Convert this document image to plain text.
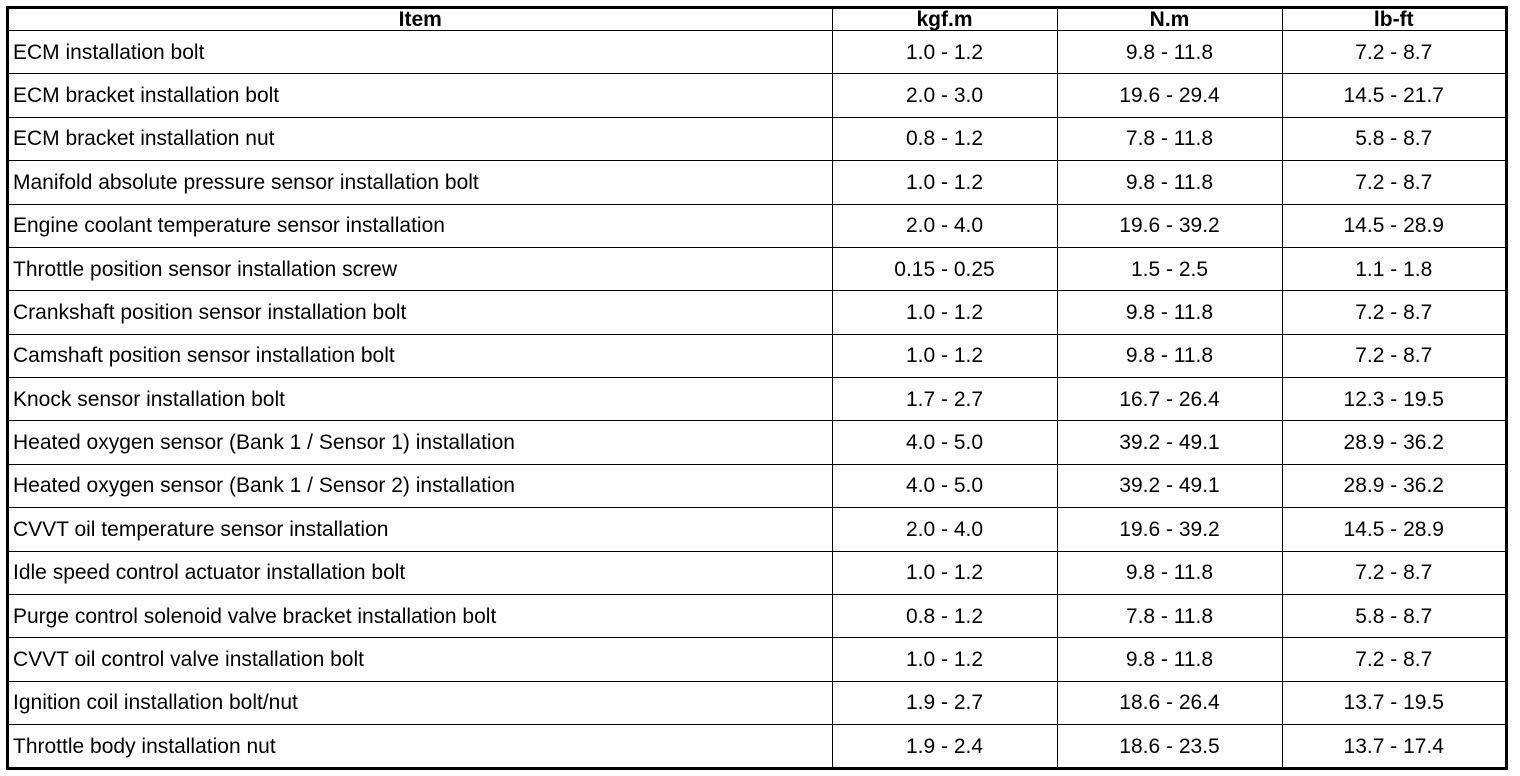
Item	kgf.m	N.m	lb-ft
ECM installation bolt	1.0 - 1.2	9.8 - 11.8	7.2 - 8.7
ECM bracket installation bolt	2.0 - 3.0	19.6 - 29.4	14.5 - 21.7
ECM bracket installation nut	0.8 - 1.2	7.8 - 11.8	5.8 - 8.7
Manifold absolute pressure sensor installation bolt	1.0 - 1.2	9.8 - 11.8	7.2 - 8.7
Engine coolant temperature sensor installation	2.0 - 4.0	19.6 - 39.2	14.5 - 28.9
Throttle position sensor installation screw	0.15 - 0.25	1.5 - 2.5	1.1 - 1.8
Crankshaft position sensor installation bolt	1.0 - 1.2	9.8 - 11.8	7.2 - 8.7
Camshaft position sensor installation bolt	1.0 - 1.2	9.8 - 11.8	7.2 - 8.7
Knock sensor installation bolt	1.7 - 2.7	16.7 - 26.4	12.3 - 19.5
Heated oxygen sensor (Bank 1 / Sensor 1) installation	4.0 - 5.0	39.2 - 49.1	28.9 - 36.2
Heated oxygen sensor (Bank 1 / Sensor 2) installation	4.0 - 5.0	39.2 - 49.1	28.9 - 36.2
CVVT oil temperature sensor installation	2.0 - 4.0	19.6 - 39.2	14.5 - 28.9
Idle speed control actuator installation bolt	1.0 - 1.2	9.8 - 11.8	7.2 - 8.7
Purge control solenoid valve bracket installation bolt	0.8 - 1.2	7.8 - 11.8	5.8 - 8.7
CVVT oil control valve installation bolt	1.0 - 1.2	9.8 - 11.8	7.2 - 8.7
Ignition coil installation bolt/nut	1.9 - 2.7	18.6 - 26.4	13.7 - 19.5
Throttle body installation nut	1.9 - 2.4	18.6 - 23.5	13.7 - 17.4
